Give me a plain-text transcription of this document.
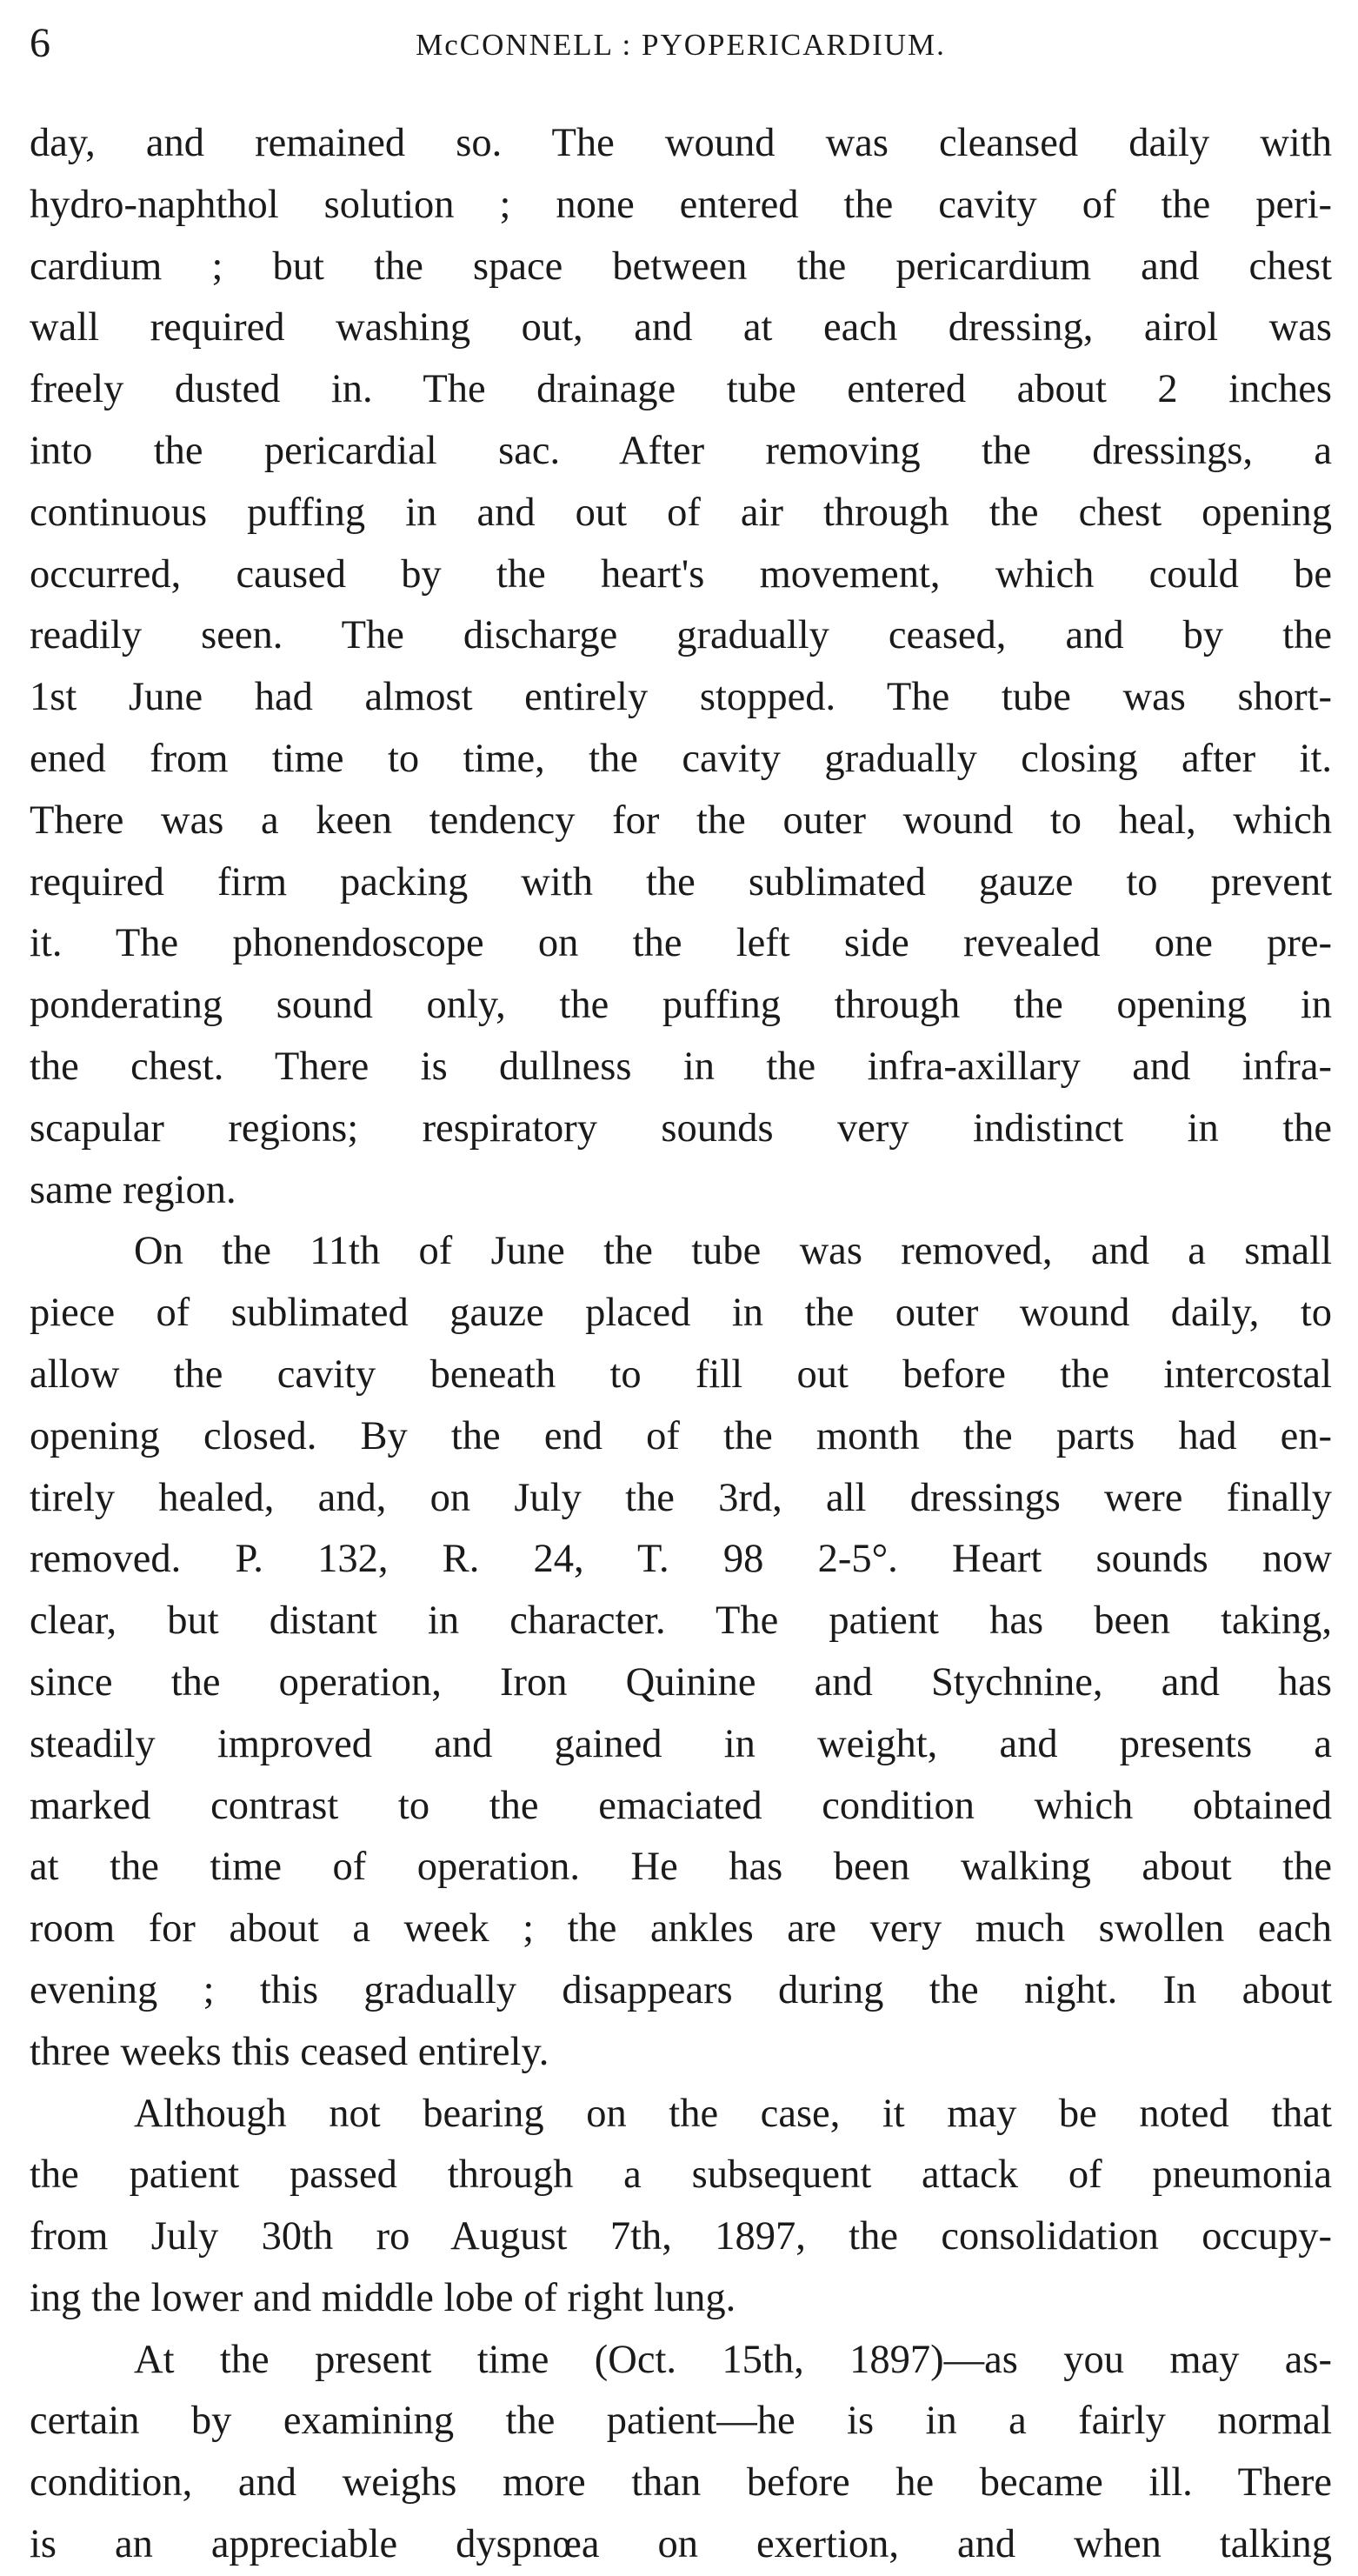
6	McCONNELL : PYOPERICARDIUM.
day, and remained so. The wound was cleansed daily with
hydro-naphthol solution ; none entered the cavity of the peri-
cardium ; but the space between the pericardium and chest
wall required washing out, and at each dressing, airol was
freely dusted in. The drainage tube entered about 2 inches
into the pericardial sac. After removing the dressings, a
continuous puffing in and out of air through the chest opening
occurred, caused by the heart's movement, which could be
readily seen. The discharge gradually ceased, and by the
1st June had almost entirely stopped. The tube was short-
ened from time to time, the cavity gradually closing after it.
There was a keen tendency for the outer wound to heal, which
required firm packing with the sublimated gauze to prevent
it. The phonendoscope on the left side revealed one pre-
ponderating sound only, the puffing through the opening in
the chest. There is dullness in the infra-axillary and infra-
scapular regions; respiratory sounds very indistinct in the
same region.
On the 11th of June the tube was removed, and a small
piece of sublimated gauze placed in the outer wound daily, to
allow the cavity beneath to fill out before the intercostal
opening closed. By the end of the month the parts had en-
tirely healed, and, on July the 3rd, all dressings were finally
removed. P. 132, R. 24, T. 98 2-5°. Heart sounds now
clear, but distant in character. The patient has been taking,
since the operation, Iron Quinine and Stychnine, and has
steadily improved and gained in weight, and presents a
marked contrast to the emaciated condition which obtained
at the time of operation. He has been walking about the
room for about a week ; the ankles are very much swollen each
evening ; this gradually disappears during the night. In about
three weeks this ceased entirely.
Although not bearing on the case, it may be noted that
the patient passed through a subsequent attack of pneumonia
from July 30th ro August 7th, 1897, the consolidation occupy-
ing the lower and middle lobe of right lung.
At the present time (Oct. 15th, 1897)—as you may as-
certain by examining the patient—he is in a fairly normal
condition, and weighs more than before he became ill. There
is an appreciable dyspnœa on exertion, and when talking
